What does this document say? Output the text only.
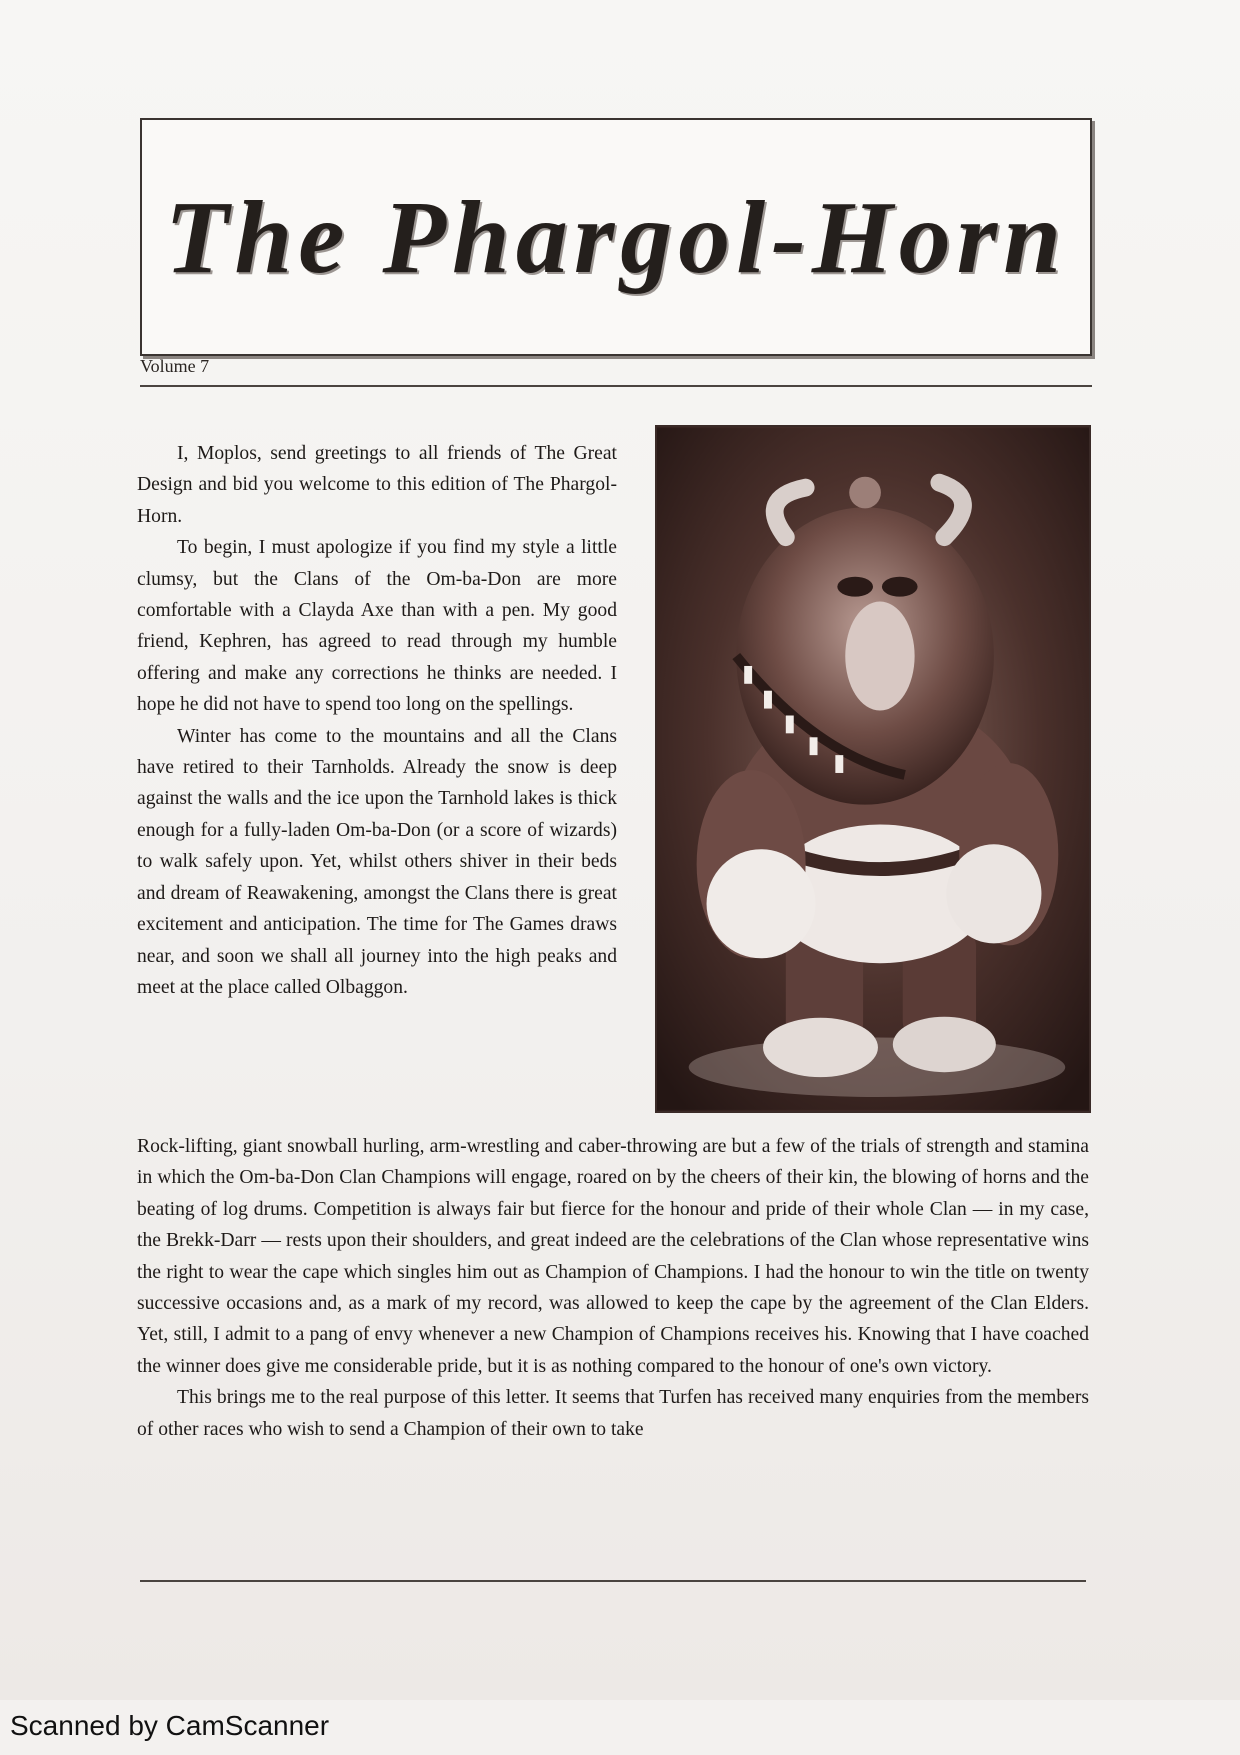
The Phargol-Horn
Volume 7

I, Moplos, send greetings to all friends of The Great Design and bid you welcome to this edition of The Phargol-Horn.

To begin, I must apologize if you find my style a little clumsy, but the Clans of the Om-ba-Don are more comfortable with a Clayda Axe than with a pen. My good friend, Kephren, has agreed to read through my humble offering and make any corrections he thinks are needed. I hope he did not have to spend too long on the spellings.

Winter has come to the mountains and all the Clans have retired to their Tarnholds. Already the snow is deep against the walls and the ice upon the Tarnhold lakes is thick enough for a fully-laden Om-ba-Don (or a score of wizards) to walk safely upon. Yet, whilst others shiver in their beds and dream of Reawakening, amongst the Clans there is great excitement and anticipation. The time for The Games draws near, and soon we shall all journey into the high peaks and meet at the place called Olbaggon.

Rock-lifting, giant snowball hurling, arm-wrestling and caber-throwing are but a few of the trials of strength and stamina in which the Om-ba-Don Clan Champions will engage, roared on by the cheers of their kin, the blowing of horns and the beating of log drums. Competition is always fair but fierce for the honour and pride of their whole Clan — in my case, the Brekk-Darr — rests upon their shoulders, and great indeed are the celebrations of the Clan whose representative wins the right to wear the cape which singles him out as Champion of Champions. I had the honour to win the title on twenty successive occasions and, as a mark of my record, was allowed to keep the cape by the agreement of the Clan Elders. Yet, still, I admit to a pang of envy whenever a new Champion of Champions receives his. Knowing that I have coached the winner does give me considerable pride, but it is as nothing compared to the honour of one's own victory.

This brings me to the real purpose of this letter. It seems that Turfen has received many enquiries from the members of other races who wish to send a Champion of their own to take

Scanned by CamScanner
